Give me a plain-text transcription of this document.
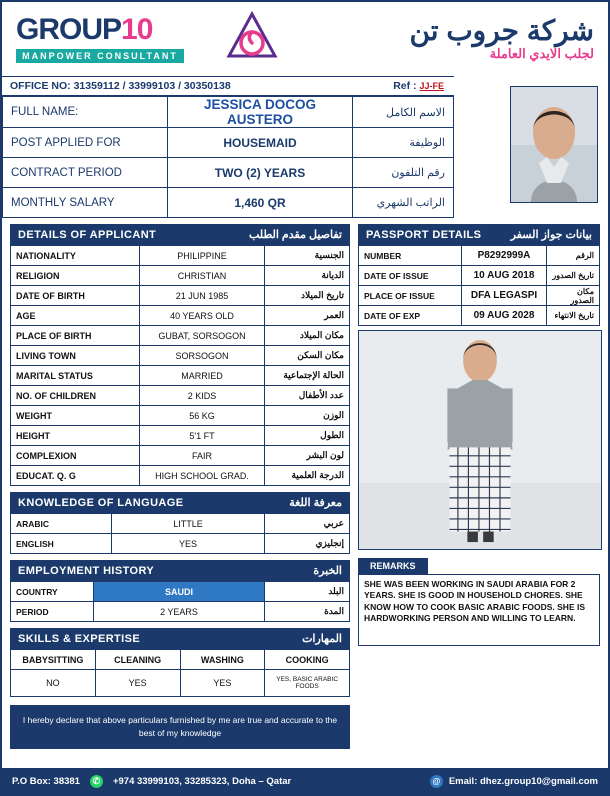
GROUP10
MANPOWER CONSULTANT
شركة جروب تن
لجلب الايدي العاملة
OFFICE NO: 31359112 / 33999103 / 30350138	Ref : JJ-FE
FULL NAME:	JESSICA DOCOG AUSTERO	الاسم الكامل
POST APPLIED FOR	HOUSEMAID	الوظيفة
CONTRACT PERIOD	TWO (2) YEARS	رقم التلفون
MONTHLY SALARY	1,460 QR	الراتب الشهري
DETAILS OF APPLICANT	تفاصيل مقدم الطلب
NATIONALITY	PHILIPPINE	الجنسية
RELIGION	CHRISTIAN	الديانة
DATE OF BIRTH	21 JUN 1985	تاريخ الميلاد
AGE	40 YEARS OLD	العمر
PLACE OF BIRTH	GUBAT, SORSOGON	مكان الميلاد
LIVING TOWN	SORSOGON	مكان السكن
MARITAL STATUS	MARRIED	الحالة الإجتماعية
NO. OF CHILDREN	2 KIDS	عدد الأطفال
WEIGHT	56 KG	الوزن
HEIGHT	5'1 FT	الطول
COMPLEXION	FAIR	لون البشر
EDUCAT. Q. G	HIGH SCHOOL GRAD.	الدرجة العلمية
KNOWLEDGE OF LANGUAGE	معرفة اللغة
ARABIC	LITTLE	عربي
ENGLISH	YES	إنجليزي
EMPLOYMENT HISTORY	الخبرة
COUNTRY	SAUDI	البلد
PERIOD	2 YEARS	المدة
SKILLS & EXPERTISE	المهارات
BABYSITTING	CLEANING	WASHING	COOKING
NO	YES	YES	YES, BASIC ARABIC FOODS
PASSPORT DETAILS	بيانات جواز السفر
NUMBER	P8292999A	الرقم
DATE OF ISSUE	10 AUG 2018	تاريخ الصدور
PLACE OF ISSUE	DFA LEGASPI	مكان الصدور
DATE OF EXP	09 AUG 2028	تاريخ الانتهاء
REMARKS
SHE WAS BEEN WORKING IN SAUDI ARABIA FOR 2 YEARS. SHE IS GOOD IN HOUSEHOLD CHORES. SHE KNOW HOW TO COOK BASIC ARABIC FOODS. SHE IS HARDWORKING PERSON AND WILLING TO LEARN.
I hereby declare that above particulars furnished by me are true and accurate to the best of my knowledge
P.O Box: 38381	✆ +974 33999103, 33285323, Doha – Qatar	@ Email: dhez.group10@gmail.com
